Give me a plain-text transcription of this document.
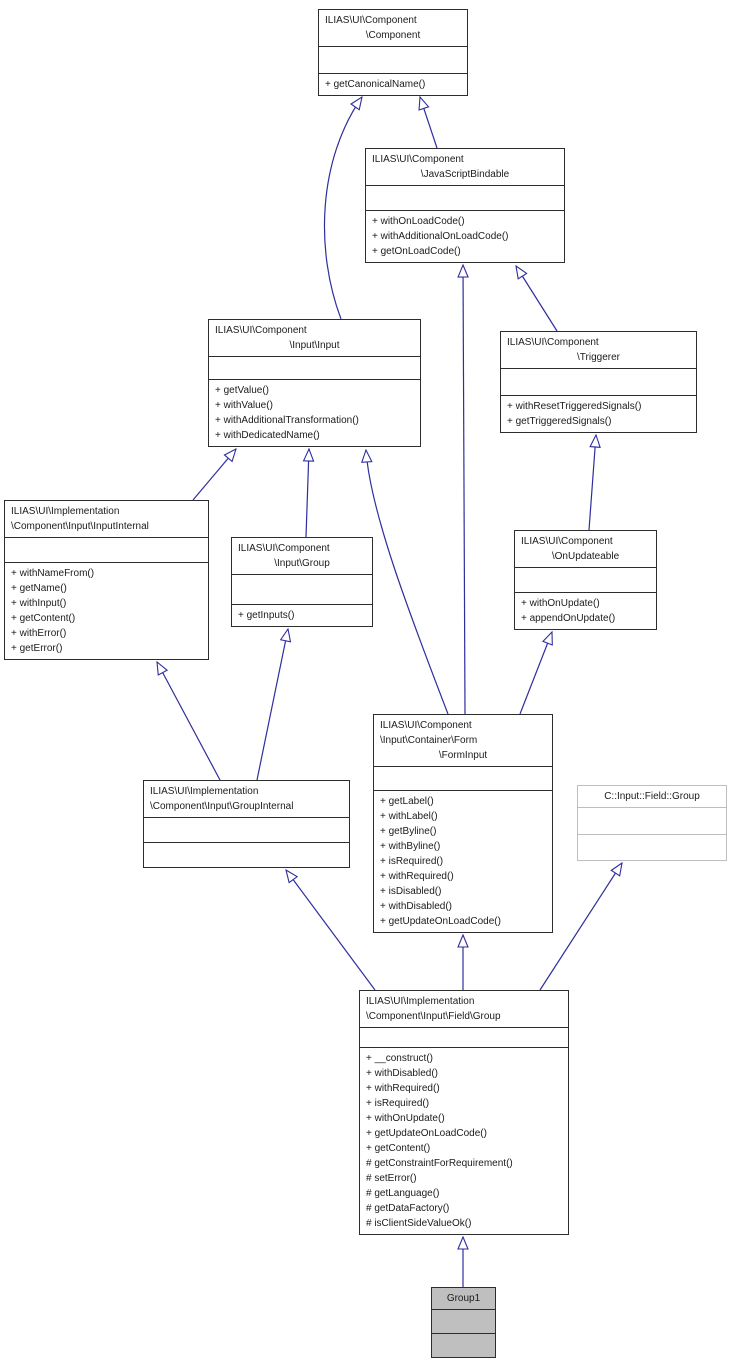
ILIAS\UI\Component
\Component
+ getCanonicalName()
ILIAS\UI\Component
\JavaScriptBindable
+ withOnLoadCode()
+ withAdditionalOnLoadCode()
+ getOnLoadCode()
ILIAS\UI\Component
\Input\Input
+ getValue()
+ withValue()
+ withAdditionalTransformation()
+ withDedicatedName()
ILIAS\UI\Component
\Triggerer
+ withResetTriggeredSignals()
+ getTriggeredSignals()
ILIAS\UI\Implementation
\Component\Input\InputInternal
+ withNameFrom()
+ getName()
+ withInput()
+ getContent()
+ withError()
+ getError()
ILIAS\UI\Component
\Input\Group
+ getInputs()
ILIAS\UI\Component
\OnUpdateable
+ withOnUpdate()
+ appendOnUpdate()
ILIAS\UI\Component
\Input\Container\Form
\FormInput
+ getLabel()
+ withLabel()
+ getByline()
+ withByline()
+ isRequired()
+ withRequired()
+ isDisabled()
+ withDisabled()
+ getUpdateOnLoadCode()
ILIAS\UI\Implementation
\Component\Input\GroupInternal
C::Input::Field::Group
ILIAS\UI\Implementation
\Component\Input\Field\Group
+ __construct()
+ withDisabled()
+ withRequired()
+ isRequired()
+ withOnUpdate()
+ getUpdateOnLoadCode()
+ getContent()
# getConstraintForRequirement()
# setError()
# getLanguage()
# getDataFactory()
# isClientSideValueOk()
Group1
